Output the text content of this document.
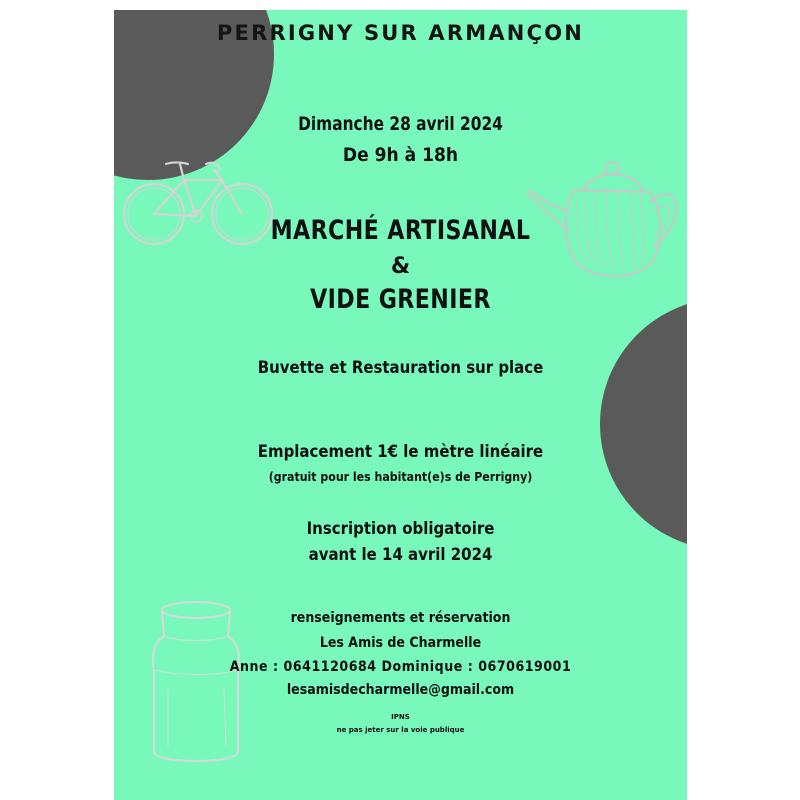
PERRIGNY SUR ARMANÇON
Dimanche 28 avril 2024
De 9h à 18h
MARCHÉ ARTISANAL
&
VIDE GRENIER
Buvette et Restauration sur place
Emplacement 1€ le mètre linéaire
(gratuit pour les habitant(e)s de Perrigny)
Inscription obligatoire
avant le 14 avril 2024
renseignements et réservation
Les Amis de Charmelle
Anne : 0641120684 Dominique : 0670619001
lesamisdecharmelle@gmail.com
IPNS
ne pas jeter sur la voie publique
